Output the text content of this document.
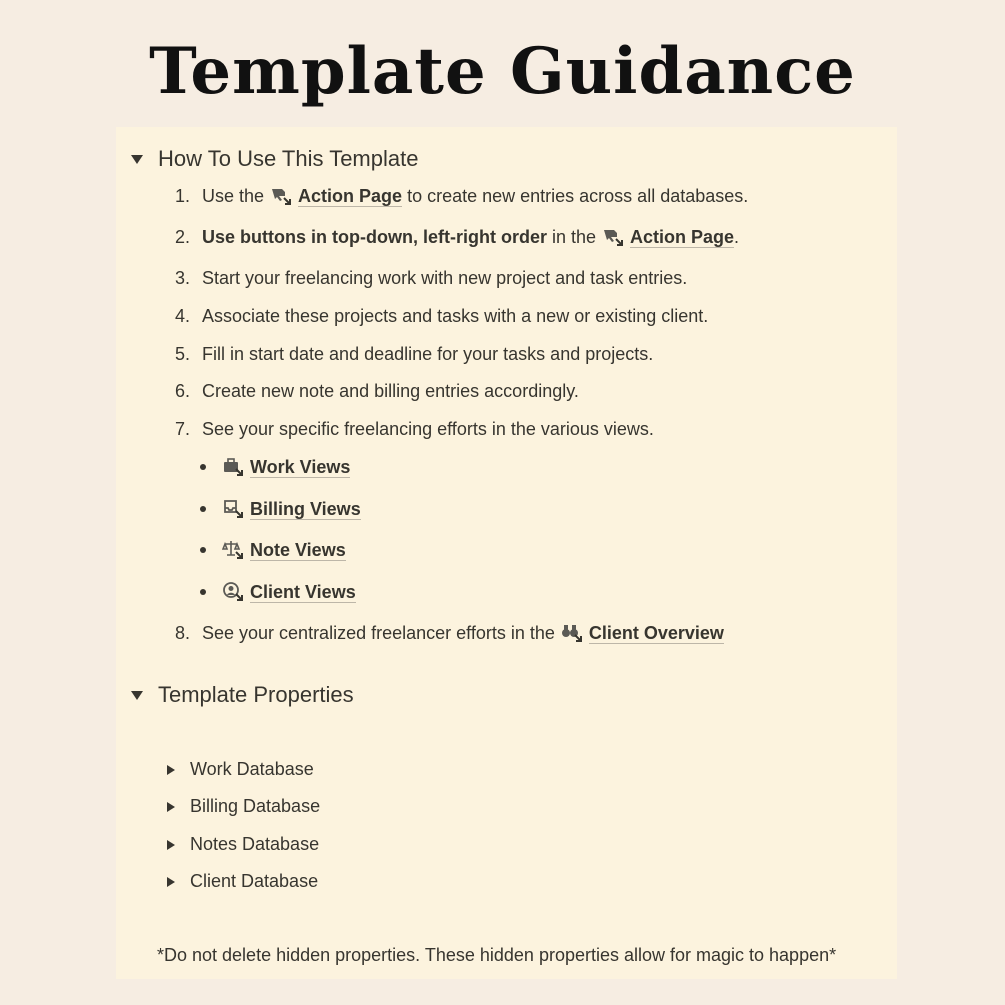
Template Guidance
How To Use This Template
1. Use the Action Page to create new entries across all databases.
2. Use buttons in top-down, left-right order in the Action Page .
3. Start your freelancing work with new project and task entries.
4. Associate these projects and tasks with a new or existing client.
5. Fill in start date and deadline for your tasks and projects.
6. Create new note and billing entries accordingly.
7. See your specific freelancing efforts in the various views.
Work Views
Billing Views
Note Views
Client Views
8. See your centralized freelancer efforts in the Client Overview
Template Properties
Work Database
Billing Database
Notes Database
Client Database
*Do not delete hidden properties. These hidden properties allow for magic to happen*
